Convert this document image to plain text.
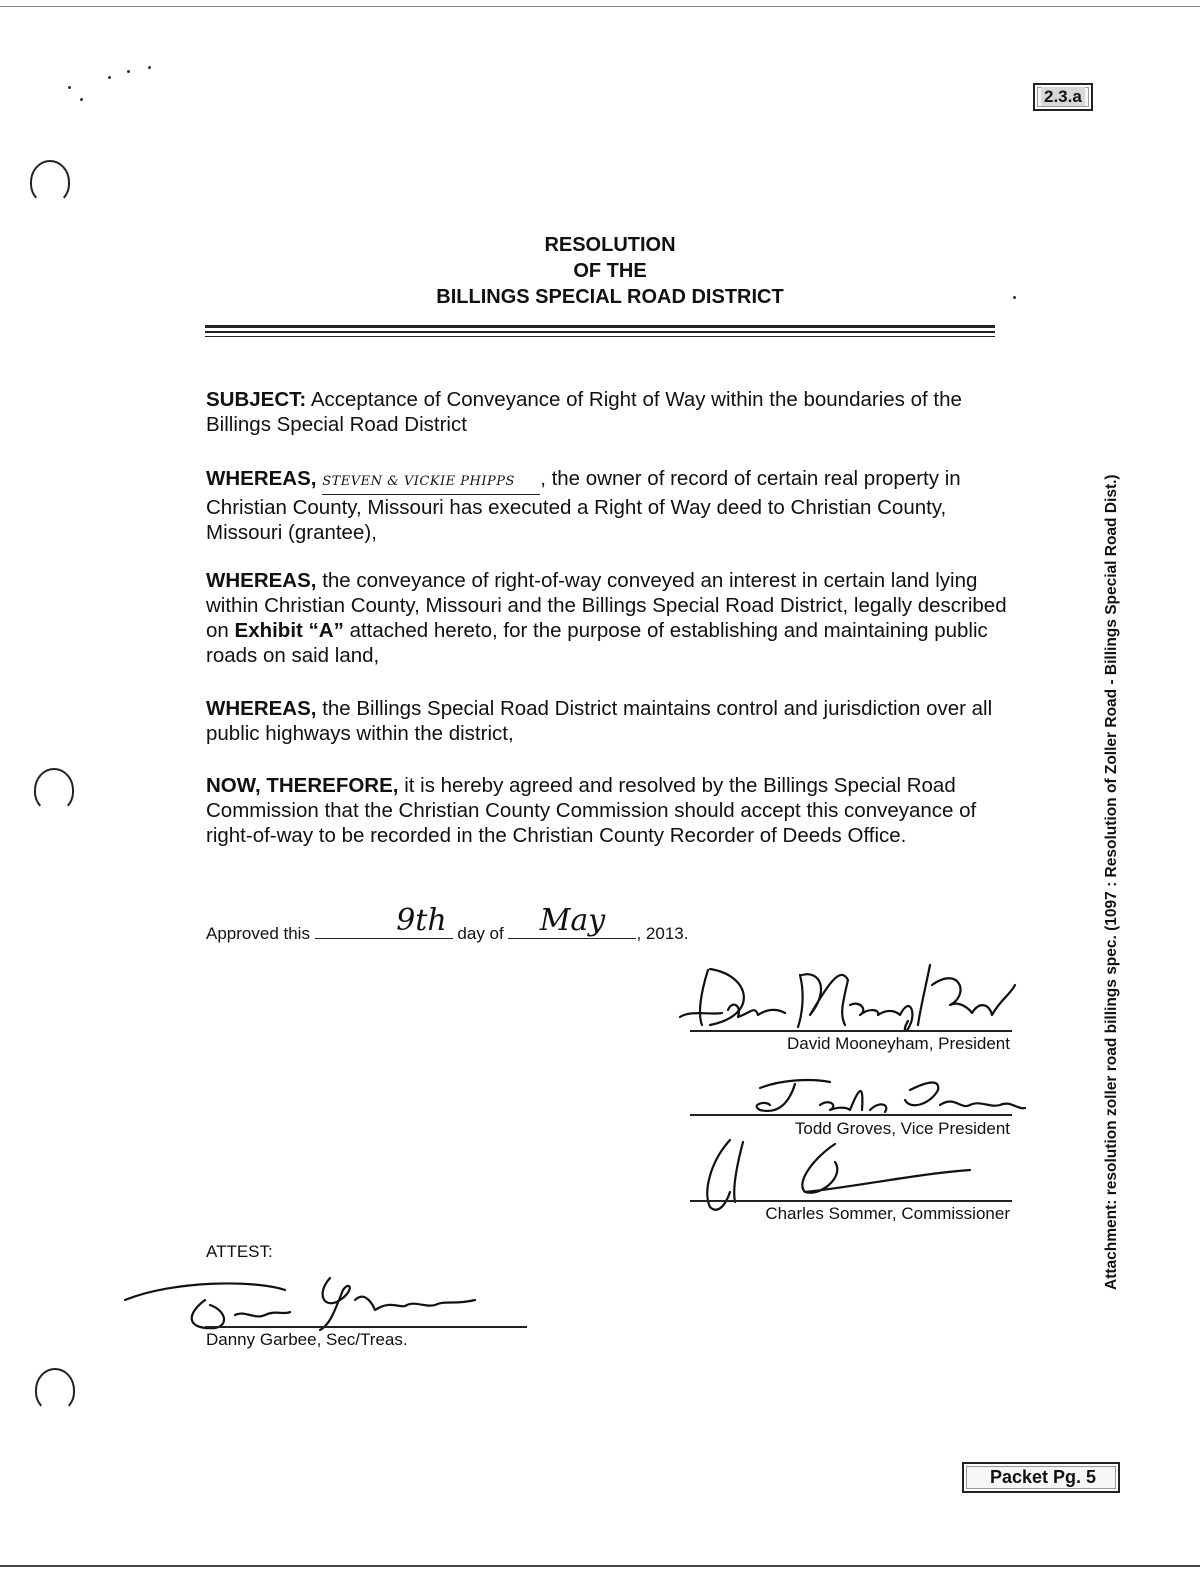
2.3.a
RESOLUTION
OF THE
BILLINGS SPECIAL ROAD DISTRICT
SUBJECT: Acceptance of Conveyance of Right of Way within the boundaries of the Billings Special Road District
WHEREAS, STEVEN & VICKIE PHIPPS , the owner of record of certain real property in Christian County, Missouri has executed a Right of Way deed to Christian County, Missouri (grantee),
WHEREAS, the conveyance of right-of-way conveyed an interest in certain land lying within Christian County, Missouri and the Billings Special Road District, legally described on Exhibit “A” attached hereto, for the purpose of establishing and maintaining public roads on said land,
WHEREAS, the Billings Special Road District maintains control and jurisdiction over all public highways within the district,
NOW, THEREFORE, it is hereby agreed and resolved by the Billings Special Road Commission that the Christian County Commission should accept this conveyance of right-of-way to be recorded in the Christian County Recorder of Deeds Office.
Approved this	9th day of	May	, 2013.
David Mooneyham, President
Todd Groves, Vice President
Charles Sommer, Commissioner
ATTEST:
Danny Garbee, Sec/Treas.
Attachment: resolution zoller road billings spec. (1097 : Resolution of Zoller Road - Billings Special Road Dist.)
Packet Pg. 5
